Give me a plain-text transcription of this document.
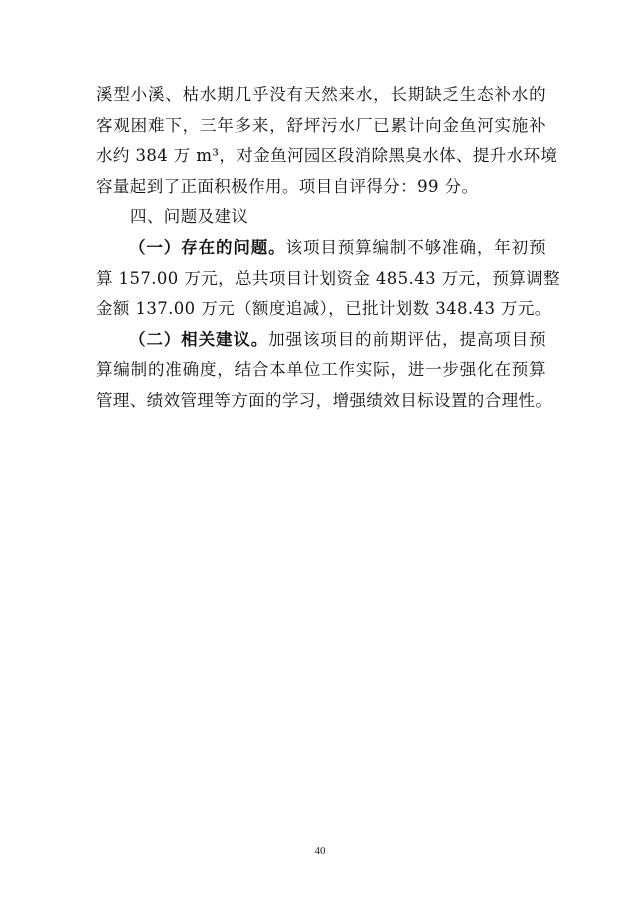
溪型小溪、枯水期几乎没有天然来水，长期缺乏生态补水的
客观困难下，三年多来，舒坪污水厂已累计向金鱼河实施补
水约 384 万 m³，对金鱼河园区段消除黑臭水体、提升水环境
容量起到了正面积极作用。项目自评得分：99 分。
四、问题及建议
（一）存在的问题。该项目预算编制不够准确，年初预
算 157.00 万元，总共项目计划资金 485.43 万元，预算调整
金额 137.00 万元（额度追减），已批计划数 348.43 万元。
（二）相关建议。加强该项目的前期评估，提高项目预
算编制的准确度，结合本单位工作实际，进一步强化在预算
管理、绩效管理等方面的学习，增强绩效目标设置的合理性。
40
